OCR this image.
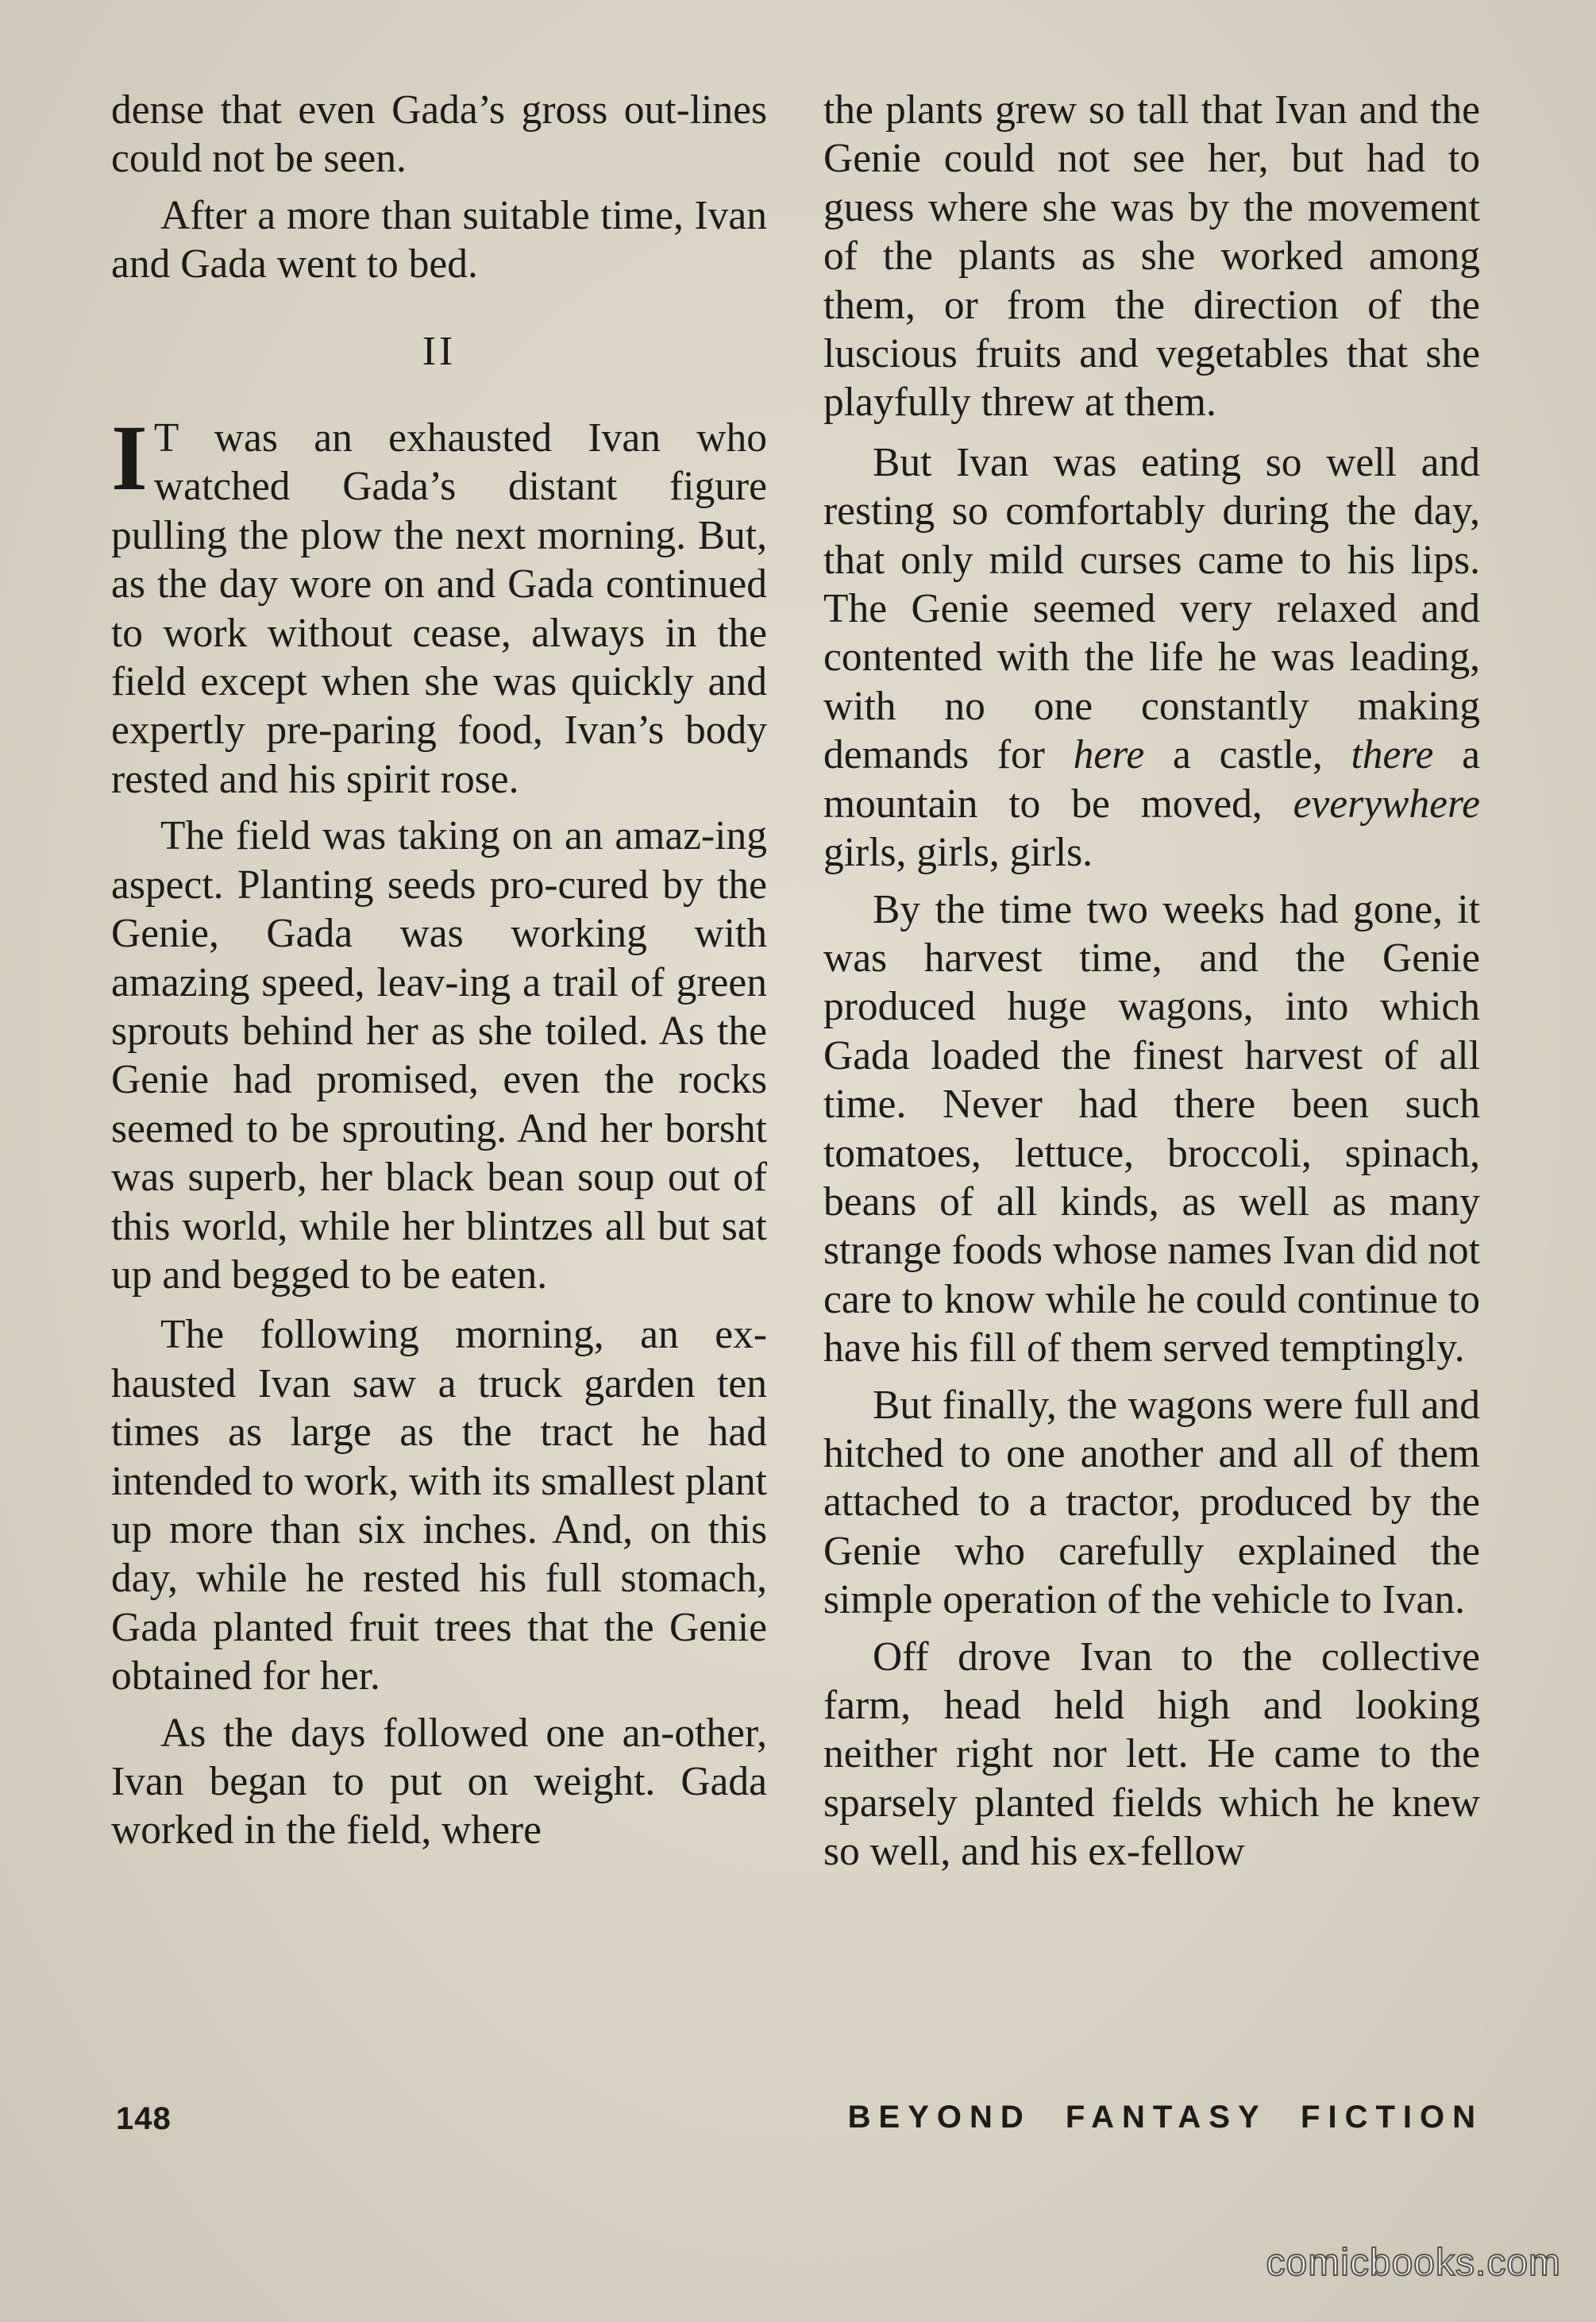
dense that even Gada’s gross out-lines could not be seen.

After a more than suitable time, Ivan and Gada went to bed.

II

I T was an exhausted Ivan who watched Gada’s distant figure pulling the plow the next morning. But, as the day wore on and Gada continued to work without cease, always in the field except when she was quickly and expertly pre-paring food, Ivan’s body rested and his spirit rose.

The field was taking on an amaz-ing aspect. Planting seeds pro-cured by the Genie, Gada was working with amazing speed, leav-ing a trail of green sprouts behind her as she toiled. As the Genie had promised, even the rocks seemed to be sprouting. And her borsht was superb, her black bean soup out of this world, while her blintzes all but sat up and begged to be eaten.

The following morning, an ex-hausted Ivan saw a truck garden ten times as large as the tract he had intended to work, with its smallest plant up more than six inches. And, on this day, while he rested his full stomach, Gada planted fruit trees that the Genie obtained for her.

As the days followed one an-other, Ivan began to put on weight. Gada worked in the field, where

the plants grew so tall that Ivan and the Genie could not see her, but had to guess where she was by the movement of the plants as she worked among them, or from the direction of the luscious fruits and vegetables that she playfully threw at them.

But Ivan was eating so well and resting so comfortably during the day, that only mild curses came to his lips. The Genie seemed very relaxed and contented with the life he was leading, with no one constantly making demands for here a castle, there a mountain to be moved, everywhere girls, girls, girls.

By the time two weeks had gone, it was harvest time, and the Genie produced huge wagons, into which Gada loaded the finest harvest of all time. Never had there been such tomatoes, lettuce, broccoli, spinach, beans of all kinds, as well as many strange foods whose names Ivan did not care to know while he could continue to have his fill of them served temptingly.

But finally, the wagons were full and hitched to one another and all of them attached to a tractor, produced by the Genie who carefully explained the simple operation of the vehicle to Ivan.

Off drove Ivan to the collective farm, head held high and looking neither right nor lett. He came to the sparsely planted fields which he knew so well, and his ex-fellow

148	BEYOND FANTASY FICTION
comicbooks.com
